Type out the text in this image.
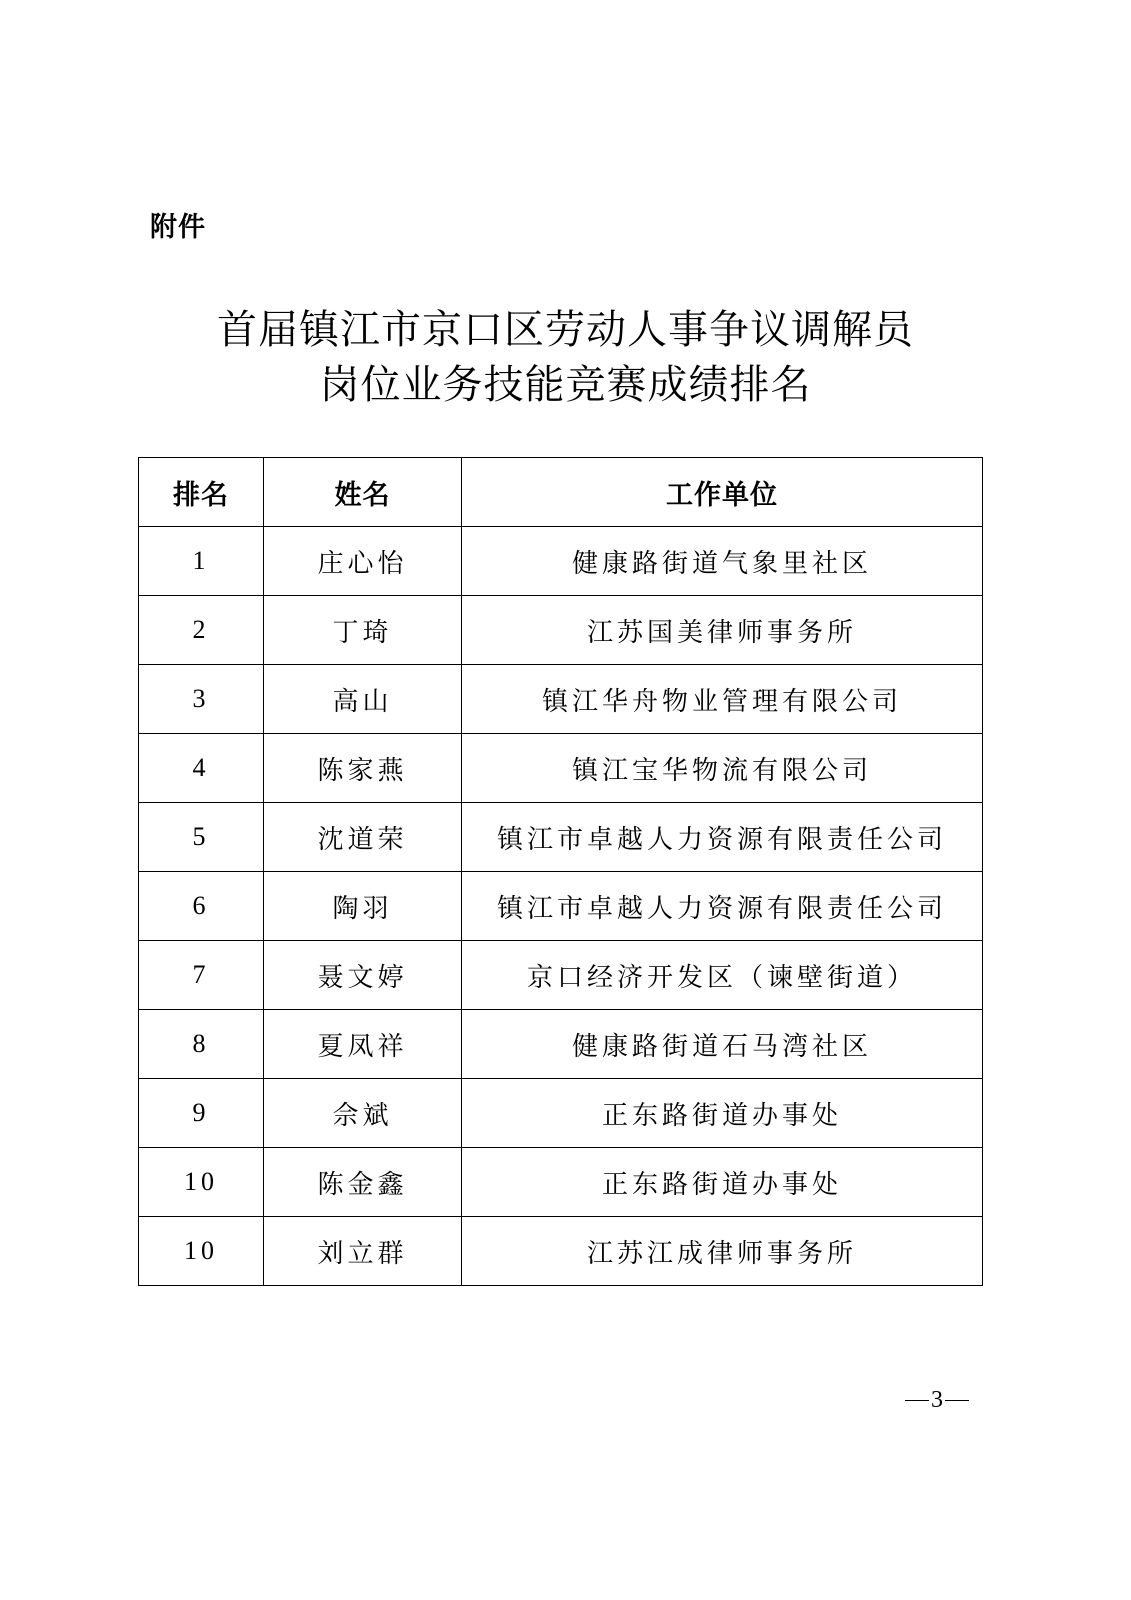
附件
首届镇江市京口区劳动人事争议调解员
岗位业务技能竞赛成绩排名
排名	姓名	工作单位
1	庄心怡	健康路街道气象里社区
2	丁琦	江苏国美律师事务所
3	高山	镇江华舟物业管理有限公司
4	陈家燕	镇江宝华物流有限公司
5	沈道荣	镇江市卓越人力资源有限责任公司
6	陶羽	镇江市卓越人力资源有限责任公司
7	聂文婷	京口经济开发区（谏壁街道）
8	夏凤祥	健康路街道石马湾社区
9	佘斌	正东路街道办事处
10	陈金鑫	正东路街道办事处
10	刘立群	江苏江成律师事务所
3
